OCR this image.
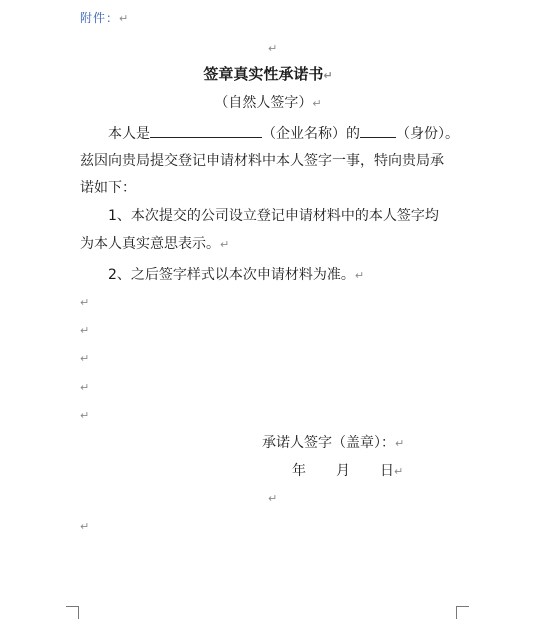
附件：↵
↵
签章真实性承诺书↵
（自然人签字）↵
本人是	（企业名称）的	（身份）。
兹因向贵局提交登记申请材料中本人签字一事，特向贵局承
诺如下：
1、本次提交的公司设立登记申请材料中的本人签字均
为本人真实意思表示。↵
2、之后签字样式以本次申请材料为准。↵
↵
↵
↵
↵
↵
承诺人签字（盖章）：↵
年 月 日↵
↵
↵
